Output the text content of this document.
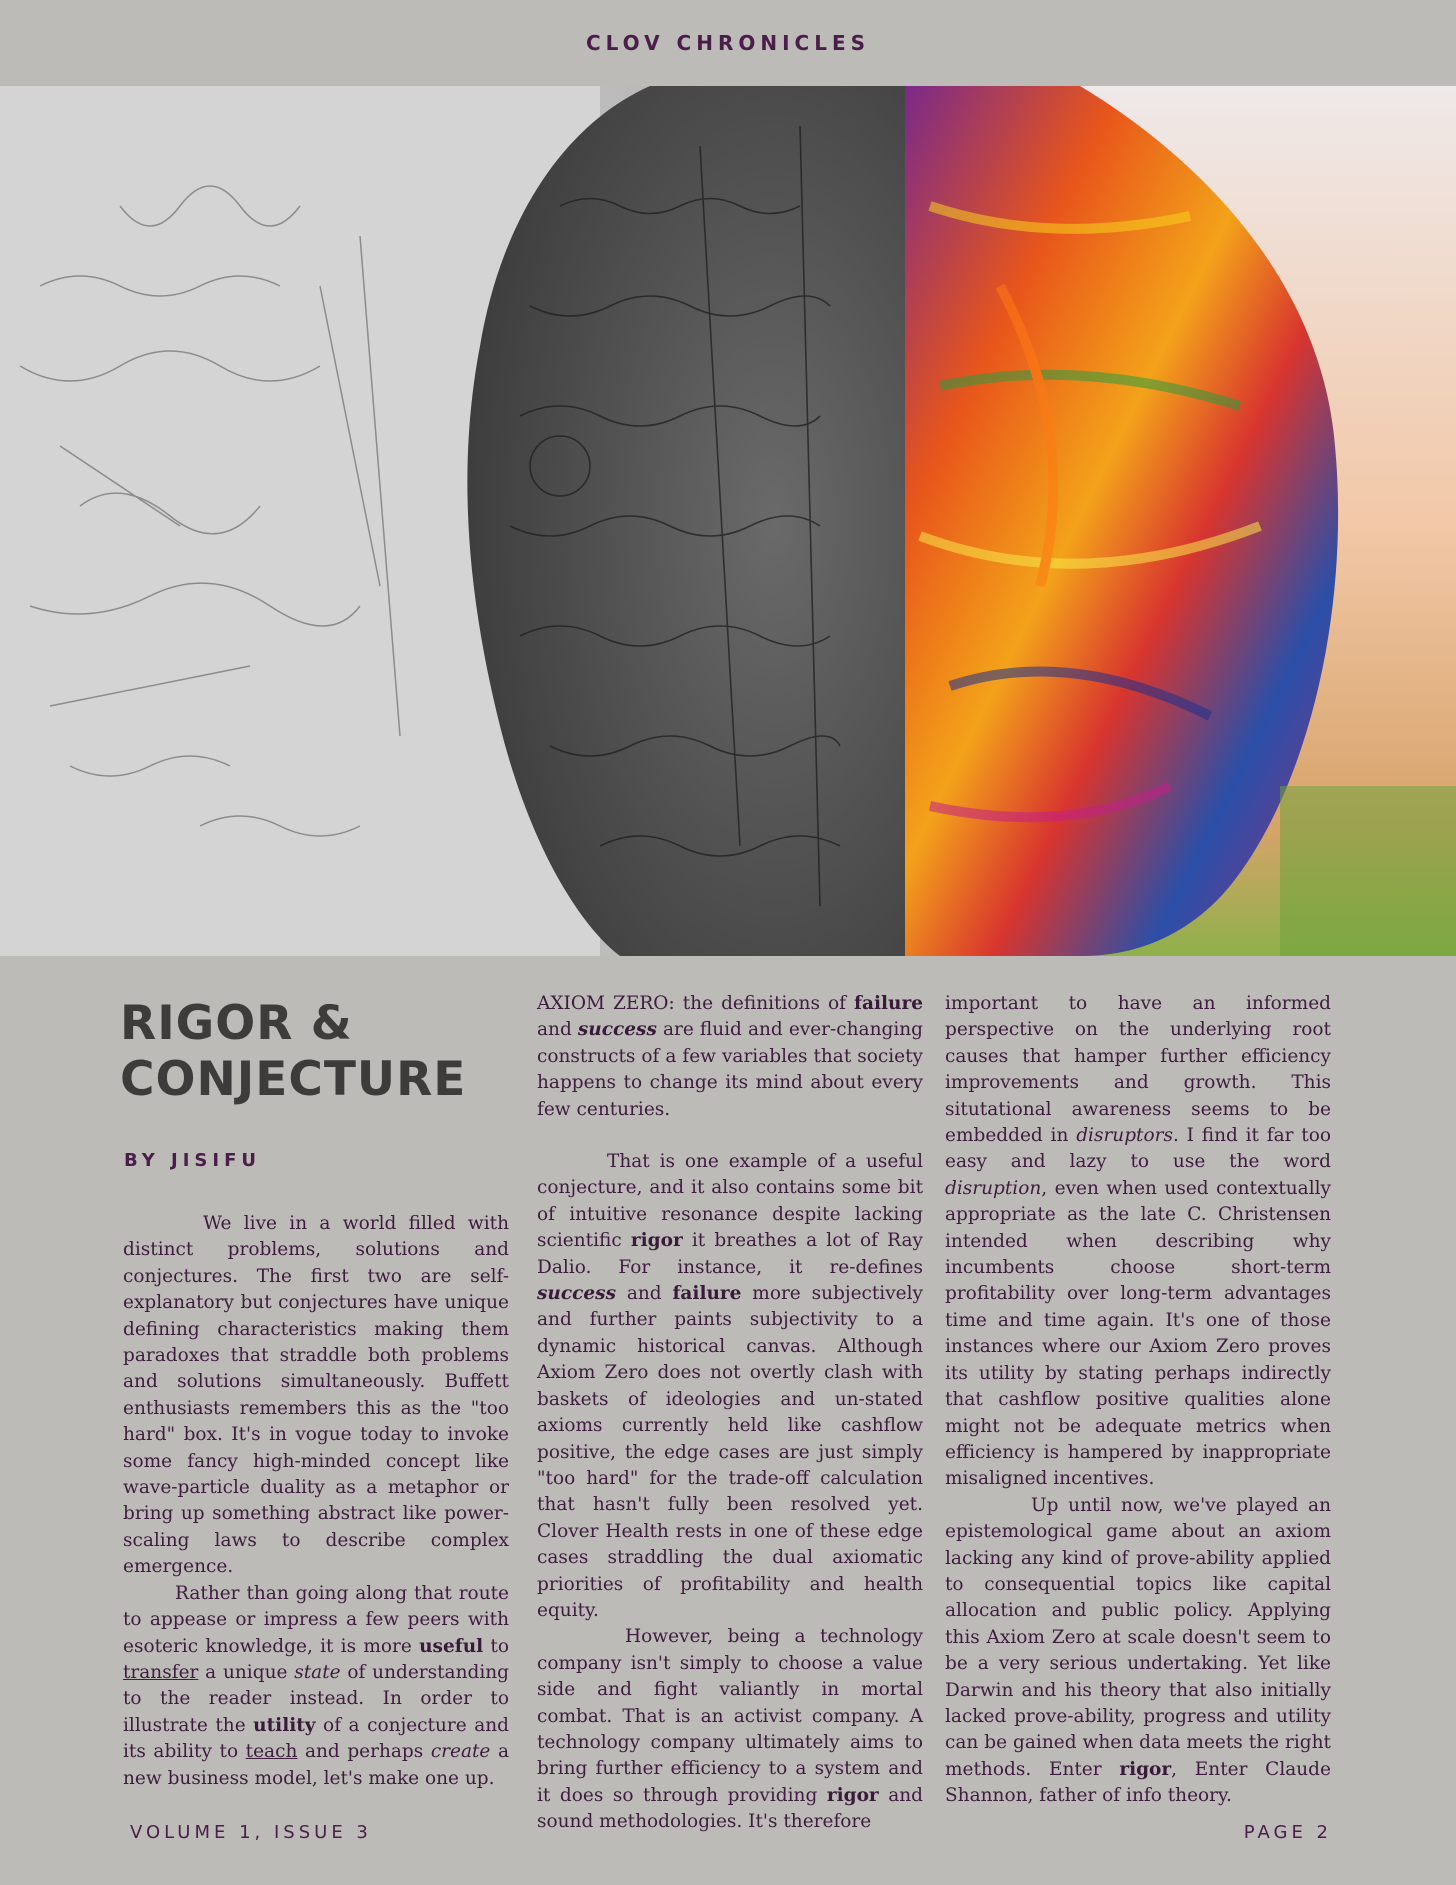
CLOV CHRONICLES
RIGOR &
CONJECTURE
BY JISIFU

We live in a world filled with distinct problems, solutions and conjectures. The first two are self-explanatory but conjectures have unique defining characteristics making them paradoxes that straddle both problems and solutions simultaneously. Buffett enthusiasts remembers this as the "too hard" box. It's in vogue today to invoke some fancy high-minded concept like wave-particle duality as a metaphor or bring up something abstract like power-scaling laws to describe complex emergence.

Rather than going along that route to appease or impress a few peers with esoteric knowledge, it is more useful to transfer a unique state of understanding to the reader instead. In order to illustrate the utility of a conjecture and its ability to teach and perhaps create a new business model, let's make one up.

AXIOM ZERO: the definitions of failure and success are fluid and ever-changing constructs of a few variables that society happens to change its mind about every few centuries.

That is one example of a useful conjecture, and it also contains some bit of intuitive resonance despite lacking scientific rigor it breathes a lot of Ray Dalio. For instance, it re-defines success and failure more subjectively and further paints subjectivity to a dynamic historical canvas. Although Axiom Zero does not overtly clash with baskets of ideologies and un-stated axioms currently held like cashflow positive, the edge cases are just simply "too hard" for the trade-off calculation that hasn't fully been resolved yet. Clover Health rests in one of these edge cases straddling the dual axiomatic priorities of profitability and health equity.

However, being a technology company isn't simply to choose a value side and fight valiantly in mortal combat. That is an activist company. A technology company ultimately aims to bring further efficiency to a system and it does so through providing rigor and sound methodologies. It's therefore

important to have an informed perspective on the underlying root causes that hamper further efficiency improvements and growth. This situtational awareness seems to be embedded in disruptors. I find it far too easy and lazy to use the word disruption, even when used contextually appropriate as the late C. Christensen intended when describing why incumbents choose short-term profitability over long-term advantages time and time again. It's one of those instances where our Axiom Zero proves its utility by stating perhaps indirectly that cashflow positive qualities alone might not be adequate metrics when efficiency is hampered by inappropriate misaligned incentives.

Up until now, we've played an epistemological game about an axiom lacking any kind of prove-ability applied to consequential topics like capital allocation and public policy. Applying this Axiom Zero at scale doesn't seem to be a very serious undertaking. Yet like Darwin and his theory that also initially lacked prove-ability, progress and utility can be gained when data meets the right methods. Enter rigor, Enter Claude Shannon, father of info theory.

VOLUME 1, ISSUE 3	PAGE 2
